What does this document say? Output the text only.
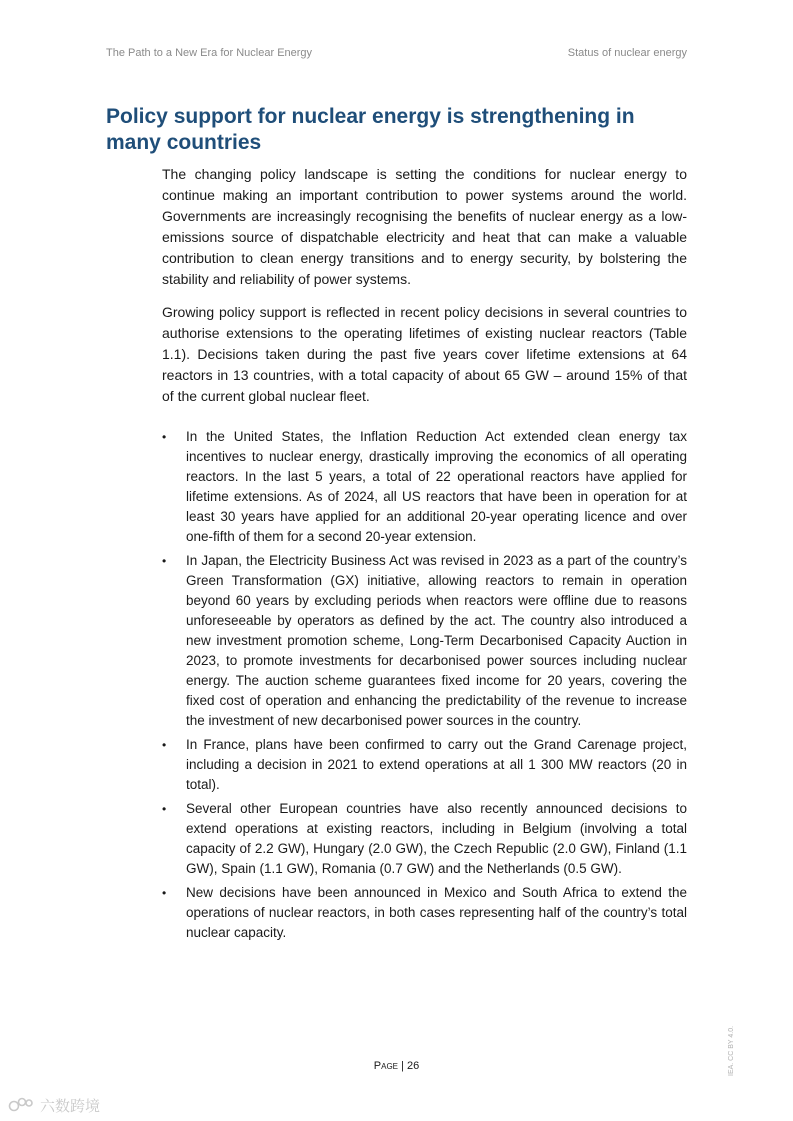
The Path to a New Era for Nuclear Energy	Status of nuclear energy
Policy support for nuclear energy is strengthening in many countries

The changing policy landscape is setting the conditions for nuclear energy to continue making an important contribution to power systems around the world. Governments are increasingly recognising the benefits of nuclear energy as a low-emissions source of dispatchable electricity and heat that can make a valuable contribution to clean energy transitions and to energy security, by bolstering the stability and reliability of power systems.

Growing policy support is reflected in recent policy decisions in several countries to authorise extensions to the operating lifetimes of existing nuclear reactors (Table 1.1). Decisions taken during the past five years cover lifetime extensions at 64 reactors in 13 countries, with a total capacity of about 65 GW – around 15% of that of the current global nuclear fleet.

• In the United States, the Inflation Reduction Act extended clean energy tax incentives to nuclear energy, drastically improving the economics of all operating reactors. In the last 5 years, a total of 22 operational reactors have applied for lifetime extensions. As of 2024, all US reactors that have been in operation for at least 30 years have applied for an additional 20-year operating licence and over one-fifth of them for a second 20-year extension.
• In Japan, the Electricity Business Act was revised in 2023 as a part of the country’s Green Transformation (GX) initiative, allowing reactors to remain in operation beyond 60 years by excluding periods when reactors were offline due to reasons unforeseeable by operators as defined by the act. The country also introduced a new investment promotion scheme, Long-Term Decarbonised Capacity Auction in 2023, to promote investments for decarbonised power sources including nuclear energy. The auction scheme guarantees fixed income for 20 years, covering the fixed cost of operation and enhancing the predictability of the revenue to increase the investment of new decarbonised power sources in the country.
• In France, plans have been confirmed to carry out the Grand Carenage project, including a decision in 2021 to extend operations at all 1 300 MW reactors (20 in total).
• Several other European countries have also recently announced decisions to extend operations at existing reactors, including in Belgium (involving a total capacity of 2.2 GW), Hungary (2.0 GW), the Czech Republic (2.0 GW), Finland (1.1 GW), Spain (1.1 GW), Romania (0.7 GW) and the Netherlands (0.5 GW).
• New decisions have been announced in Mexico and South Africa to extend the operations of nuclear reactors, in both cases representing half of the country’s total nuclear capacity.
IEA. CC BY 4.0.
Page | 26
六数跨境
